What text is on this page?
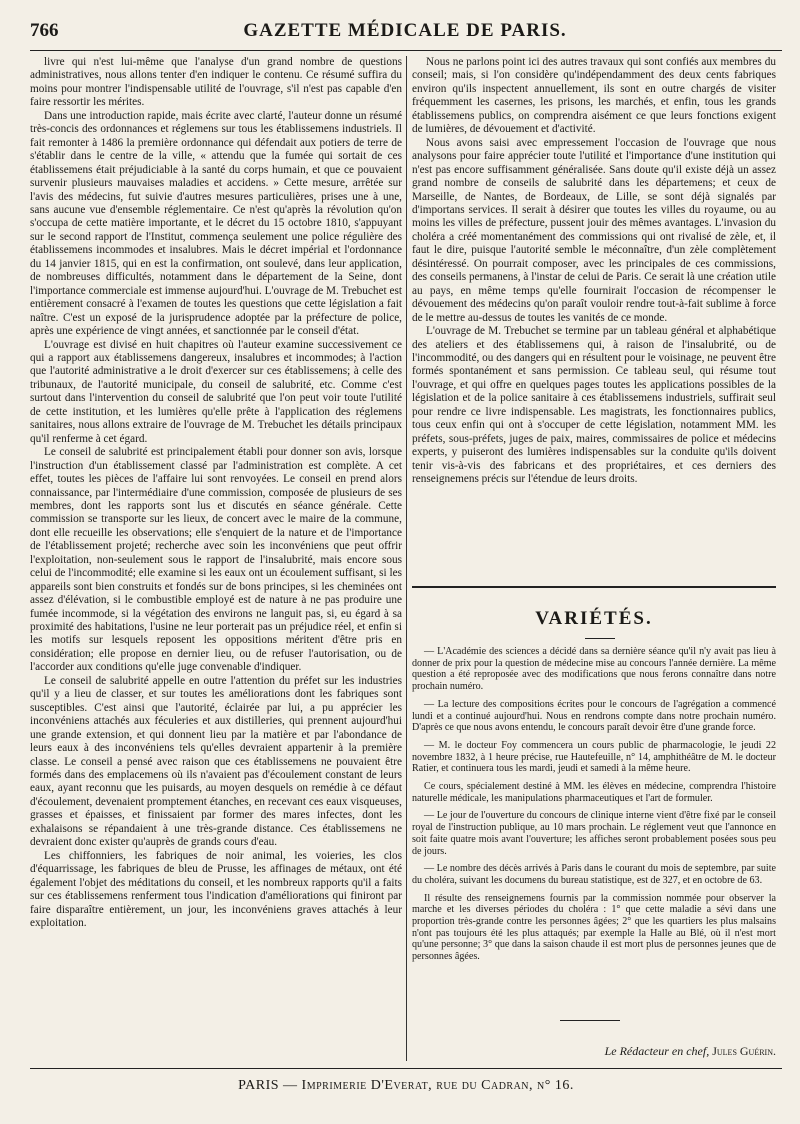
766	GAZETTE MÉDICALE DE PARIS.

livre qui n'est lui-même que l'analyse d'un grand nombre de questions administratives, nous allons tenter d'en indiquer le contenu. Ce résumé suffira du moins pour montrer l'indispensable utilité de l'ouvrage, s'il n'est pas capable d'en faire ressortir les mérites.

Dans une introduction rapide, mais écrite avec clarté, l'auteur donne un résumé très-concis des ordonnances et réglemens sur tous les établissemens industriels. Il fait remonter à 1486 la première ordonnance qui défendait aux potiers de terre de s'établir dans le centre de la ville, « attendu que la fumée qui sortait de ces établissemens était préjudiciable à la santé du corps humain, et que ce pouvaient survenir plusieurs mauvaises maladies et accidens. » Cette mesure, arrêtée sur l'avis des médecins, fut suivie d'autres mesures particulières, prises une à une, sans aucune vue d'ensemble réglementaire. Ce n'est qu'après la révolution qu'on s'occupa de cette matière importante, et le décret du 15 octobre 1810, s'appuyant sur le second rapport de l'Institut, commença seulement une police régulière des établissemens incommodes et insalubres. Mais le décret impérial et l'ordonnance du 14 janvier 1815, qui en est la confirmation, ont soulevé, dans leur application, de nombreuses difficultés, notamment dans le département de la Seine, dont l'importance commerciale est immense aujourd'hui. L'ouvrage de M. Trebuchet est entièrement consacré à l'examen de toutes les questions que cette législation a fait naître. C'est un exposé de la jurisprudence adoptée par la préfecture de police, après une expérience de vingt années, et sanctionnée par le conseil d'état.

L'ouvrage est divisé en huit chapitres où l'auteur examine successivement ce qui a rapport aux établissemens dangereux, insalubres et incommodes; à l'action que l'autorité administrative a le droit d'exercer sur ces établissemens; à celle des tribunaux, de l'autorité municipale, du conseil de salubrité, etc. Comme c'est surtout dans l'intervention du conseil de salubrité que l'on peut voir toute l'utilité de cette institution, et les lumières qu'elle prête à l'application des réglemens sanitaires, nous allons extraire de l'ouvrage de M. Trebuchet les détails principaux qu'il renferme à cet égard.

Le conseil de salubrité est principalement établi pour donner son avis, lorsque l'instruction d'un établissement classé par l'administration est complète. A cet effet, toutes les pièces de l'affaire lui sont renvoyées. Le conseil en prend alors connaissance, par l'intermédiaire d'une commission, composée de plusieurs de ses membres, dont les rapports sont lus et discutés en séance générale. Cette commission se transporte sur les lieux, de concert avec le maire de la commune, dont elle recueille les observations; elle s'enquiert de la nature et de l'importance de l'établissement projeté; recherche avec soin les inconvéniens que peut offrir l'exploitation, non-seulement sous le rapport de l'insalubrité, mais encore sous celui de l'incommodité; elle examine si les eaux ont un écoulement suffisant, si les appareils sont bien construits et fondés sur de bons principes, si les cheminées ont assez d'élévation, si le combustible employé est de nature à ne pas produire une fumée incommode, si la végétation des environs ne languit pas, si, eu égard à sa proximité des habitations, l'usine ne leur porterait pas un préjudice réel, et enfin si les motifs sur lesquels reposent les oppositions méritent d'être pris en considération; elle propose en dernier lieu, ou de refuser l'autorisation, ou de l'accorder aux conditions qu'elle juge convenable d'indiquer.

Le conseil de salubrité appelle en outre l'attention du préfet sur les industries qu'il y a lieu de classer, et sur toutes les améliorations dont les fabriques sont susceptibles. C'est ainsi que l'autorité, éclairée par lui, a pu apprécier les inconvéniens attachés aux féculeries et aux distilleries, qui prennent aujourd'hui une grande extension, et qui donnent lieu par la matière et par l'abondance de leurs eaux à des inconvéniens tels qu'elles devraient appartenir à la première classe. Le conseil a pensé avec raison que ces établissemens ne pouvaient être formés dans des emplacemens où ils n'avaient pas d'écoulement constant de leurs eaux, ayant reconnu que les puisards, au moyen desquels on remédie à ce défaut d'écoulement, devenaient promptement étanches, en recevant ces eaux visqueuses, grasses et épaisses, et finissaient par former des mares infectes, dont les exhalaisons se répandaient à une très-grande distance. Ces établissemens ne devraient donc exister qu'auprès de grands cours d'eau.

Les chiffonniers, les fabriques de noir animal, les voieries, les clos d'équarrissage, les fabriques de bleu de Prusse, les affinages de métaux, ont été également l'objet des méditations du conseil, et les nombreux rapports qu'il a faits sur ces établissemens renferment tous l'indication d'améliorations qui finiront par faire disparaître entièrement, un jour, les inconvéniens graves attachés à leur exploitation.

Nous ne parlons point ici des autres travaux qui sont confiés aux membres du conseil; mais, si l'on considère qu'indépendamment des deux cents fabriques environ qu'ils inspectent annuellement, ils sont en outre chargés de visiter fréquemment les casernes, les prisons, les marchés, et enfin, tous les grands établissemens publics, on comprendra aisément ce que leurs fonctions exigent de lumières, de dévouement et d'activité.

Nous avons saisi avec empressement l'occasion de l'ouvrage que nous analysons pour faire apprécier toute l'utilité et l'importance d'une institution qui n'est pas encore suffisamment généralisée. Sans doute qu'il existe déjà un assez grand nombre de conseils de salubrité dans les départemens; et ceux de Marseille, de Nantes, de Bordeaux, de Lille, se sont déjà signalés par d'importans services. Il serait à désirer que toutes les villes du royaume, ou au moins les villes de préfecture, pussent jouir des mêmes avantages. L'invasion du choléra a créé momentanément des commissions qui ont rivalisé de zèle, et, il faut le dire, puisque l'autorité semble le méconnaître, d'un zèle complètement désintéressé. On pourrait composer, avec les principales de ces commissions, des conseils permanens, à l'instar de celui de Paris. Ce serait là une création utile au pays, en même temps qu'elle fournirait l'occasion de récompenser le dévouement des médecins qu'on paraît vouloir rendre tout-à-fait sublime à force de le mettre au-dessus de toutes les vanités de ce monde.

L'ouvrage de M. Trebuchet se termine par un tableau général et alphabétique des ateliers et des établissemens qui, à raison de l'insalubrité, ou de l'incommodité, ou des dangers qui en résultent pour le voisinage, ne peuvent être formés spontanément et sans permission. Ce tableau seul, qui résume tout l'ouvrage, et qui offre en quelques pages toutes les applications possibles de la législation et de la police sanitaire à ces établissemens industriels, suffirait seul pour rendre ce livre indispensable. Les magistrats, les fonctionnaires publics, tous ceux enfin qui ont à s'occuper de cette législation, notamment MM. les préfets, sous-préfets, juges de paix, maires, commissaires de police et médecins experts, y puiseront des lumières indispensables sur la conduite qu'ils doivent tenir vis-à-vis des fabricans et des propriétaires, et ces derniers des renseignemens précis sur l'étendue de leurs droits.

VARIÉTÉS.

— L'Académie des sciences a décidé dans sa dernière séance qu'il n'y avait pas lieu à donner de prix pour la question de médecine mise au concours l'année dernière. La même question a été reproposée avec des modifications que nous ferons connaître dans notre prochain numéro.

— La lecture des compositions écrites pour le concours de l'agrégation a commencé lundi et a continué aujourd'hui. Nous en rendrons compte dans notre prochain numéro. D'après ce que nous avons entendu, le concours paraît devoir être d'une grande force.

— M. le docteur Foy commencera un cours public de pharmacologie, le jeudi 22 novembre 1832, à 1 heure précise, rue Hautefeuille, n° 14, amphithéâtre de M. le docteur Ratier, et continuera tous les mardi, jeudi et samedi à la même heure.

Ce cours, spécialement destiné à MM. les élèves en médecine, comprendra l'histoire naturelle médicale, les manipulations pharmaceutiques et l'art de formuler.

— Le jour de l'ouverture du concours de clinique interne vient d'être fixé par le conseil royal de l'instruction publique, au 10 mars prochain. Le réglement veut que l'annonce en soit faite quatre mois avant l'ouverture; les affiches seront probablement posées sous peu de jours.

— Le nombre des décès arrivés à Paris dans le courant du mois de septembre, par suite du choléra, suivant les documens du bureau statistique, est de 327, et en octobre de 63.

Il résulte des renseignemens fournis par la commission nommée pour observer la marche et les diverses périodes du choléra : 1° que cette maladie a sévi dans une proportion très-grande contre les personnes âgées; 2° que les quartiers les plus malsains n'ont pas toujours été les plus attaqués; par exemple la Halle au Blé, où il n'est mort qu'une personne; 3° que dans la saison chaude il est mort plus de personnes jeunes que de personnes âgées.

Le Rédacteur en chef, Jules Guérin.
PARIS — Imprimerie D'Everat, rue du Cadran, n° 16.
